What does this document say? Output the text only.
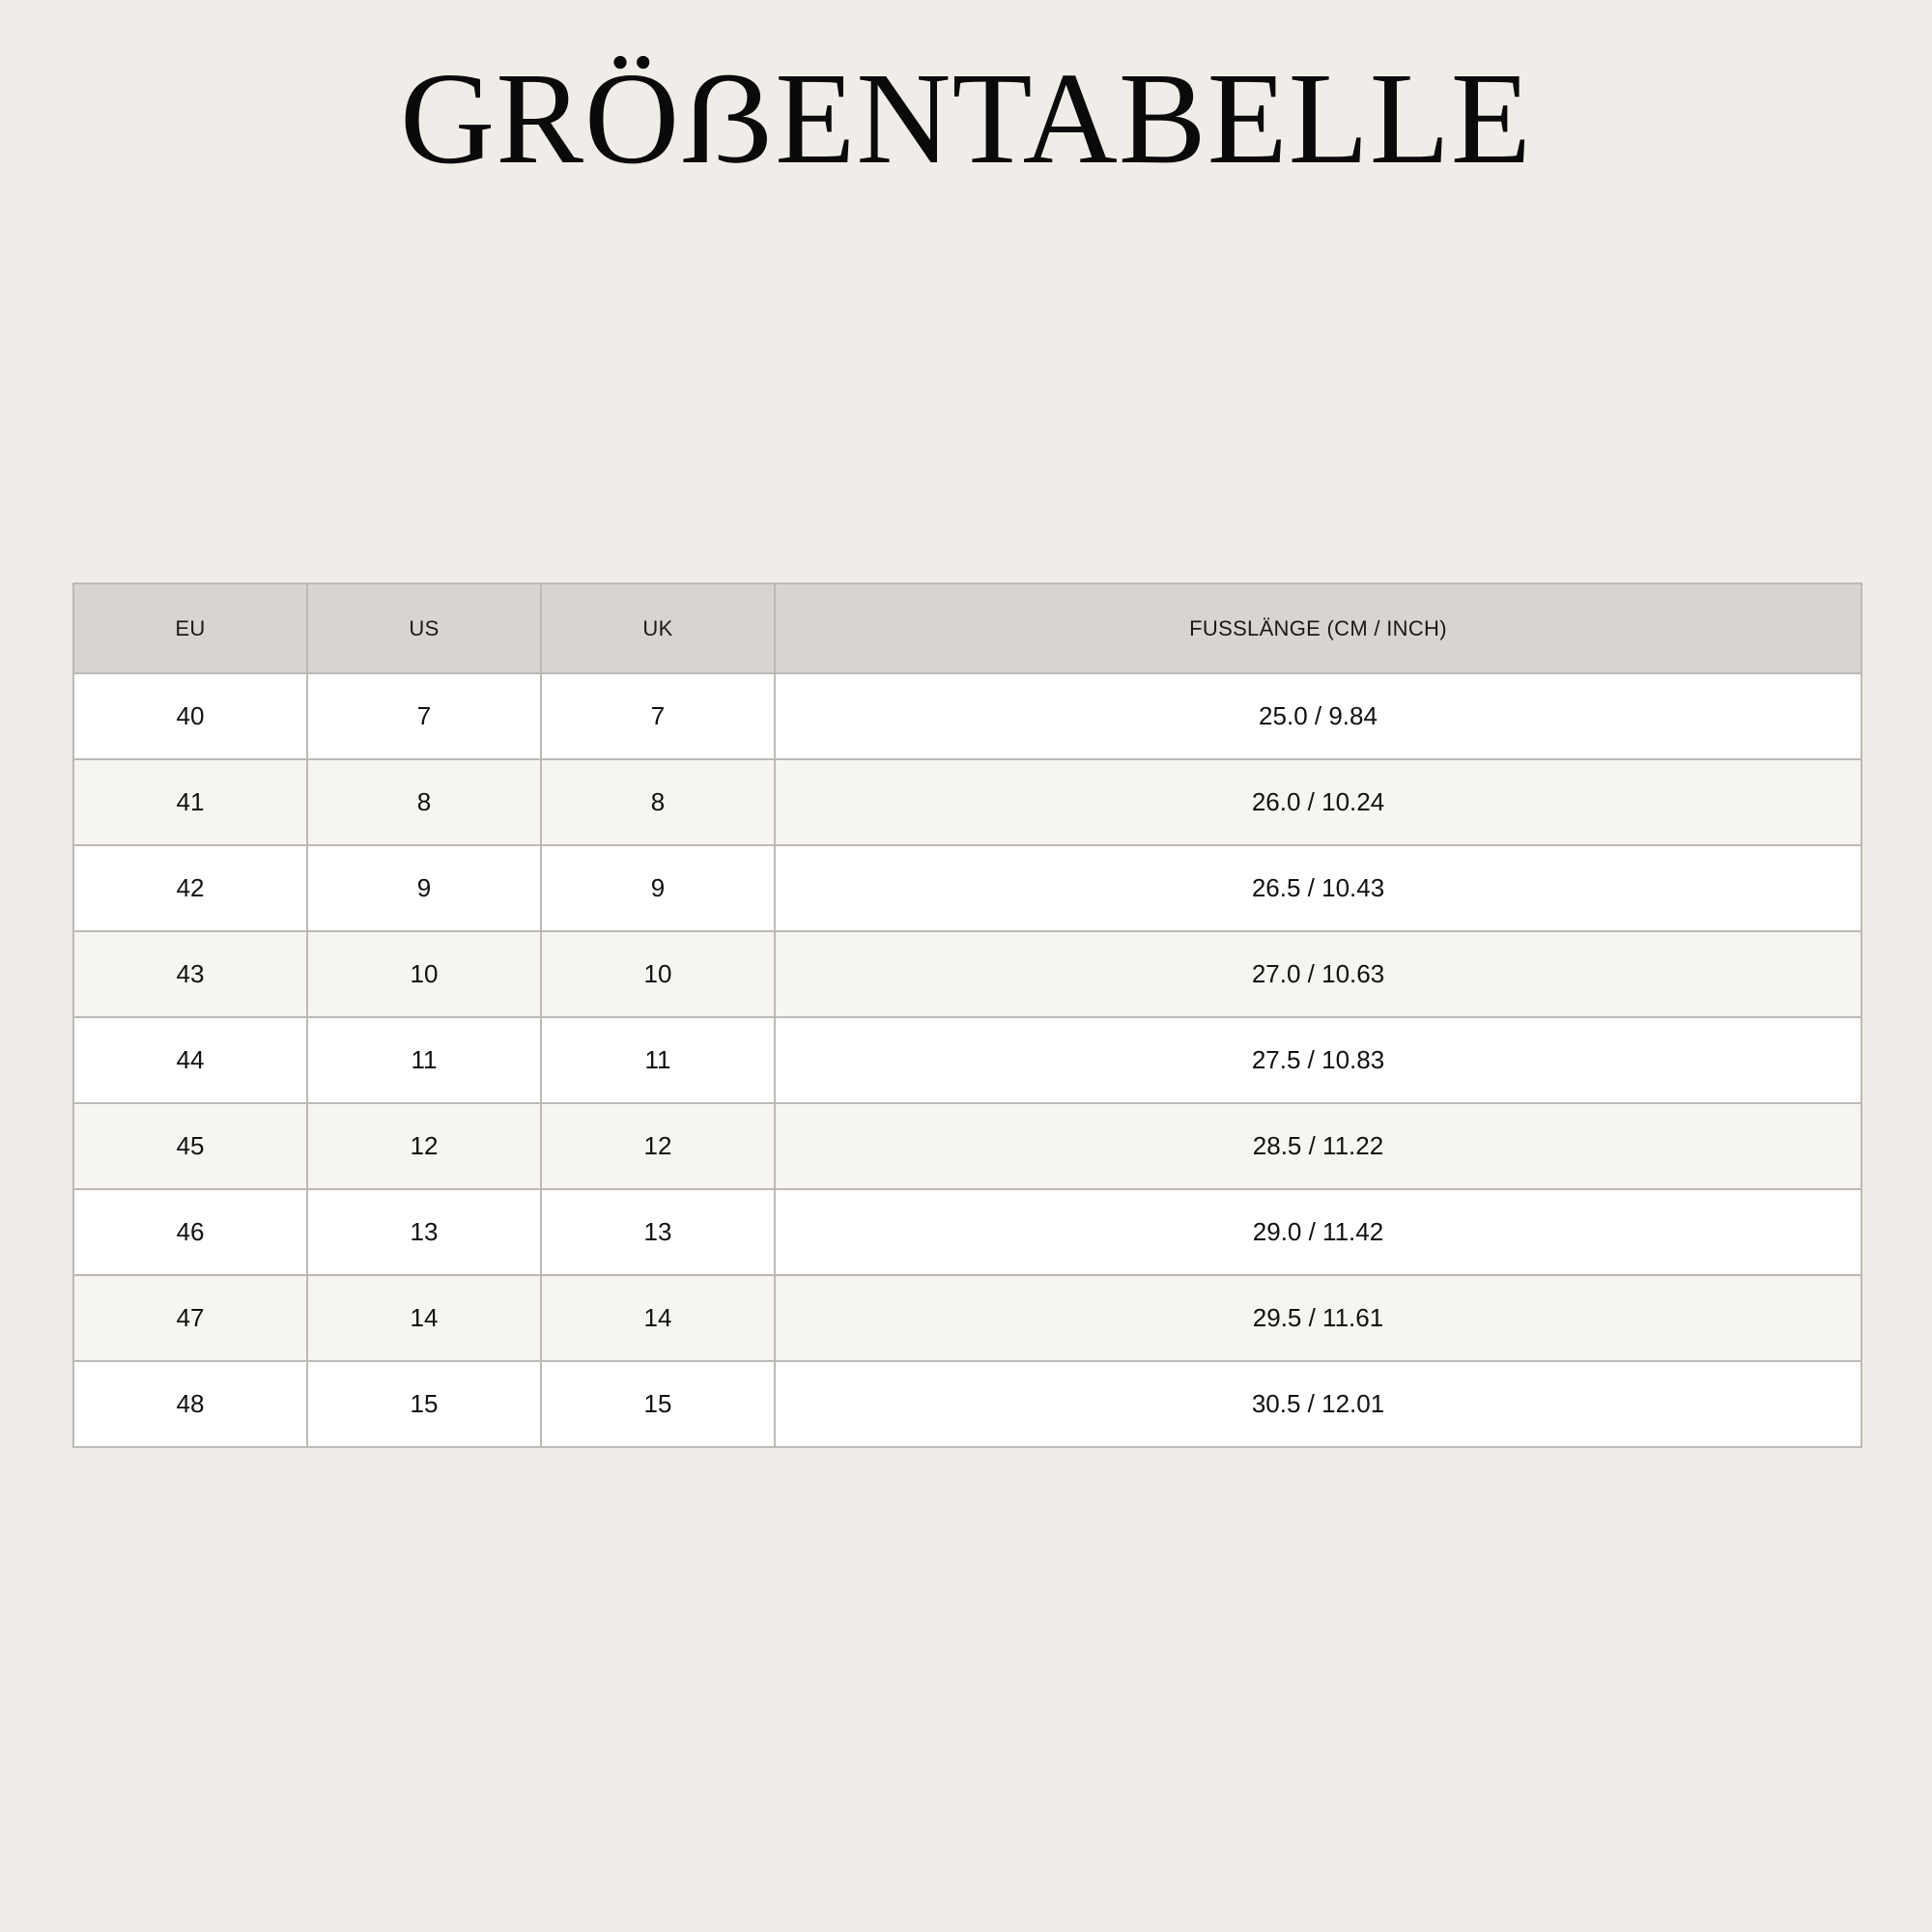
GRÖẞENTABELLE
EU	US	UK	FUSSLÄNGE (CM / INCH)
40	7	7	25.0 / 9.84
41	8	8	26.0 / 10.24
42	9	9	26.5 / 10.43
43	10	10	27.0 / 10.63
44	11	11	27.5 / 10.83
45	12	12	28.5 / 11.22
46	13	13	29.0 / 11.42
47	14	14	29.5 / 11.61
48	15	15	30.5 / 12.01
